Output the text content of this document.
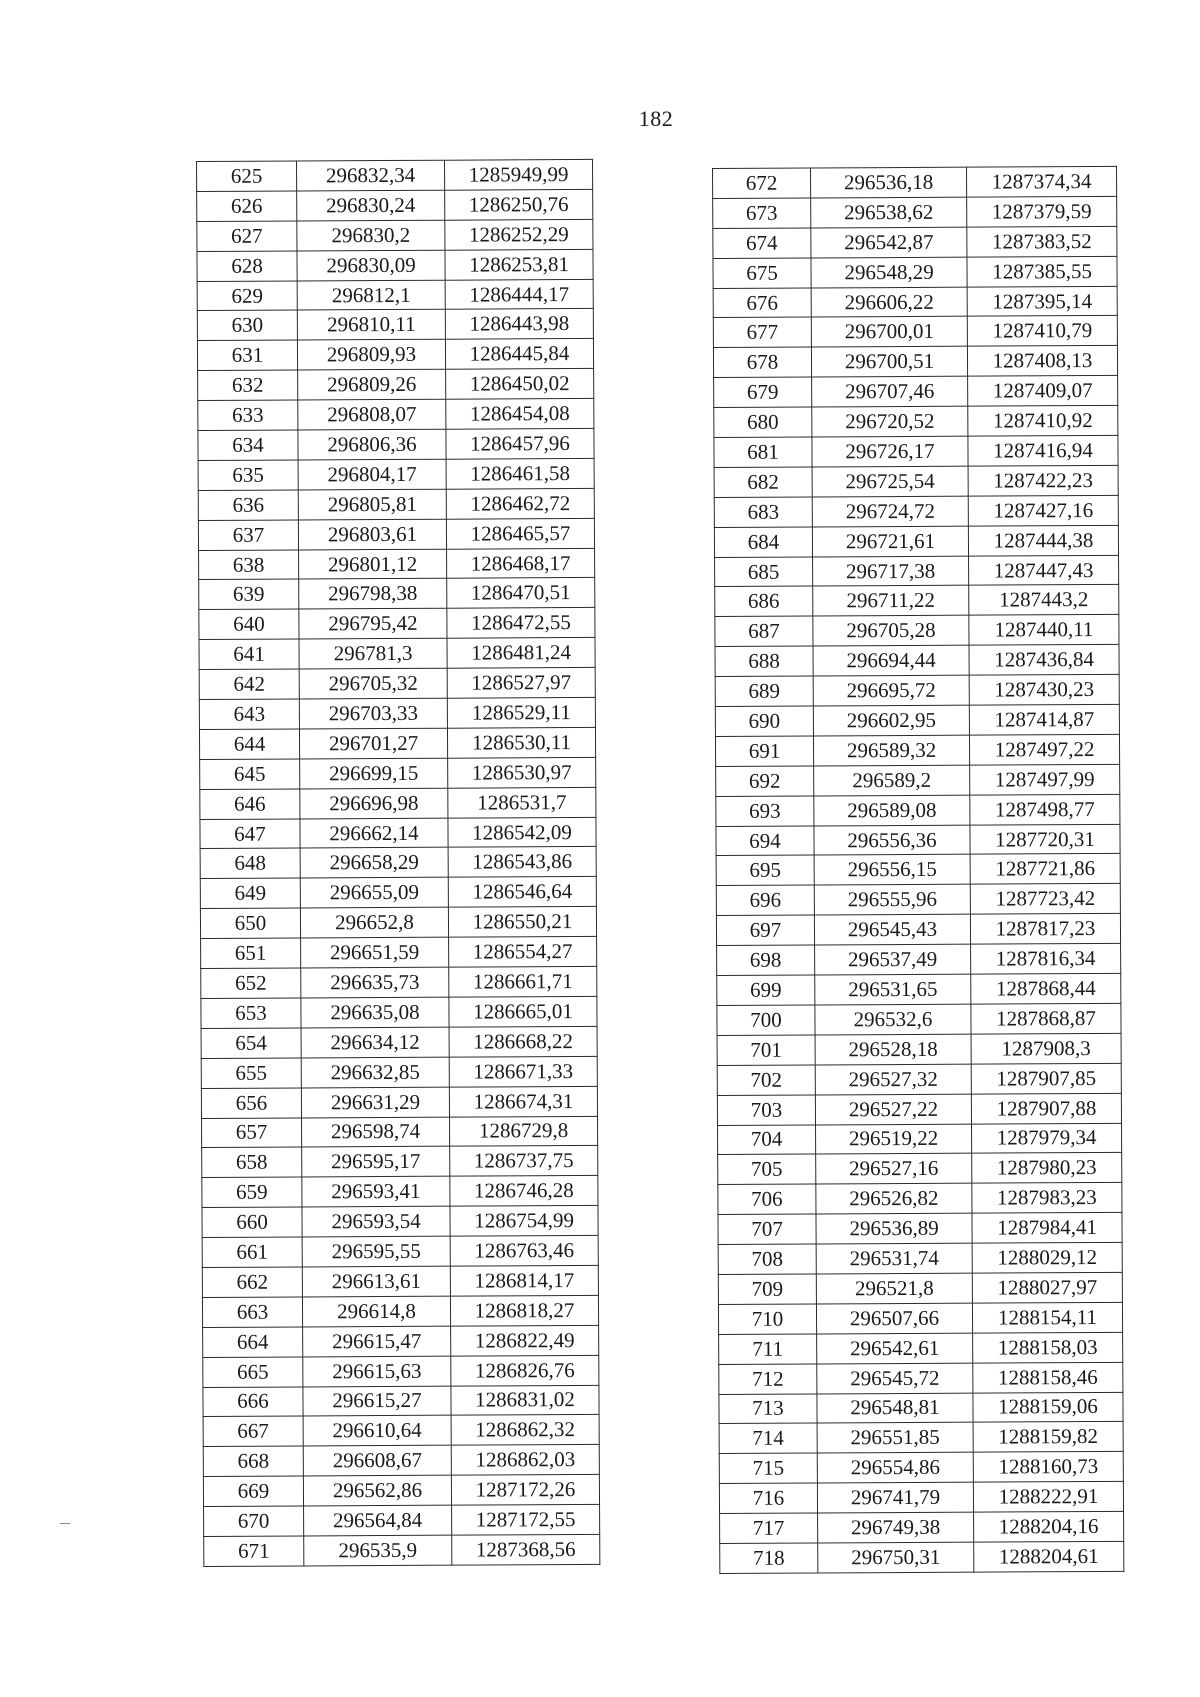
182
625	296832,34	1285949,99
626	296830,24	1286250,76
627	296830,2	1286252,29
628	296830,09	1286253,81
629	296812,1	1286444,17
630	296810,11	1286443,98
631	296809,93	1286445,84
632	296809,26	1286450,02
633	296808,07	1286454,08
634	296806,36	1286457,96
635	296804,17	1286461,58
636	296805,81	1286462,72
637	296803,61	1286465,57
638	296801,12	1286468,17
639	296798,38	1286470,51
640	296795,42	1286472,55
641	296781,3	1286481,24
642	296705,32	1286527,97
643	296703,33	1286529,11
644	296701,27	1286530,11
645	296699,15	1286530,97
646	296696,98	1286531,7
647	296662,14	1286542,09
648	296658,29	1286543,86
649	296655,09	1286546,64
650	296652,8	1286550,21
651	296651,59	1286554,27
652	296635,73	1286661,71
653	296635,08	1286665,01
654	296634,12	1286668,22
655	296632,85	1286671,33
656	296631,29	1286674,31
657	296598,74	1286729,8
658	296595,17	1286737,75
659	296593,41	1286746,28
660	296593,54	1286754,99
661	296595,55	1286763,46
662	296613,61	1286814,17
663	296614,8	1286818,27
664	296615,47	1286822,49
665	296615,63	1286826,76
666	296615,27	1286831,02
667	296610,64	1286862,32
668	296608,67	1286862,03
669	296562,86	1287172,26
670	296564,84	1287172,55
671	296535,9	1287368,56
672	296536,18	1287374,34
673	296538,62	1287379,59
674	296542,87	1287383,52
675	296548,29	1287385,55
676	296606,22	1287395,14
677	296700,01	1287410,79
678	296700,51	1287408,13
679	296707,46	1287409,07
680	296720,52	1287410,92
681	296726,17	1287416,94
682	296725,54	1287422,23
683	296724,72	1287427,16
684	296721,61	1287444,38
685	296717,38	1287447,43
686	296711,22	1287443,2
687	296705,28	1287440,11
688	296694,44	1287436,84
689	296695,72	1287430,23
690	296602,95	1287414,87
691	296589,32	1287497,22
692	296589,2	1287497,99
693	296589,08	1287498,77
694	296556,36	1287720,31
695	296556,15	1287721,86
696	296555,96	1287723,42
697	296545,43	1287817,23
698	296537,49	1287816,34
699	296531,65	1287868,44
700	296532,6	1287868,87
701	296528,18	1287908,3
702	296527,32	1287907,85
703	296527,22	1287907,88
704	296519,22	1287979,34
705	296527,16	1287980,23
706	296526,82	1287983,23
707	296536,89	1287984,41
708	296531,74	1288029,12
709	296521,8	1288027,97
710	296507,66	1288154,11
711	296542,61	1288158,03
712	296545,72	1288158,46
713	296548,81	1288159,06
714	296551,85	1288159,82
715	296554,86	1288160,73
716	296741,79	1288222,91
717	296749,38	1288204,16
718	296750,31	1288204,61
